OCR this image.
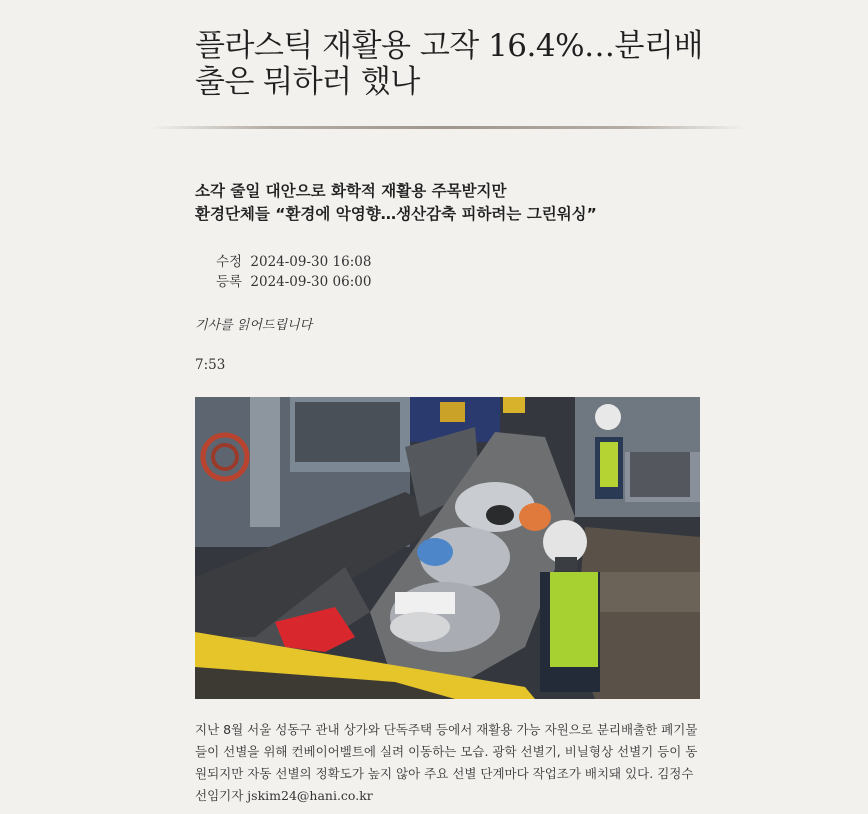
플라스틱 재활용 고작 16.4%…분리배출은 뭐하러 했나
소각 줄일 대안으로 화학적 재활용 주목받지만
환경단체들 “환경에 악영향…생산감축 피하려는 그린워싱”
수정 2024-09-30 16:08
등록 2024-09-30 06:00
기사를 읽어드립니다
7:53
지난 8월 서울 성동구 관내 상가와 단독주택 등에서 재활용 가능 자원으로 분리배출한 폐기물들이 선별을 위해 컨베이어벨트에 실려 이동하는 모습. 광학 선별기, 비닐형상 선별기 등이 동원되지만 자동 선별의 정확도가 높지 않아 주요 선별 단계마다 작업조가 배치돼 있다. 김정수 선임기자 jskim24@hani.co.kr
